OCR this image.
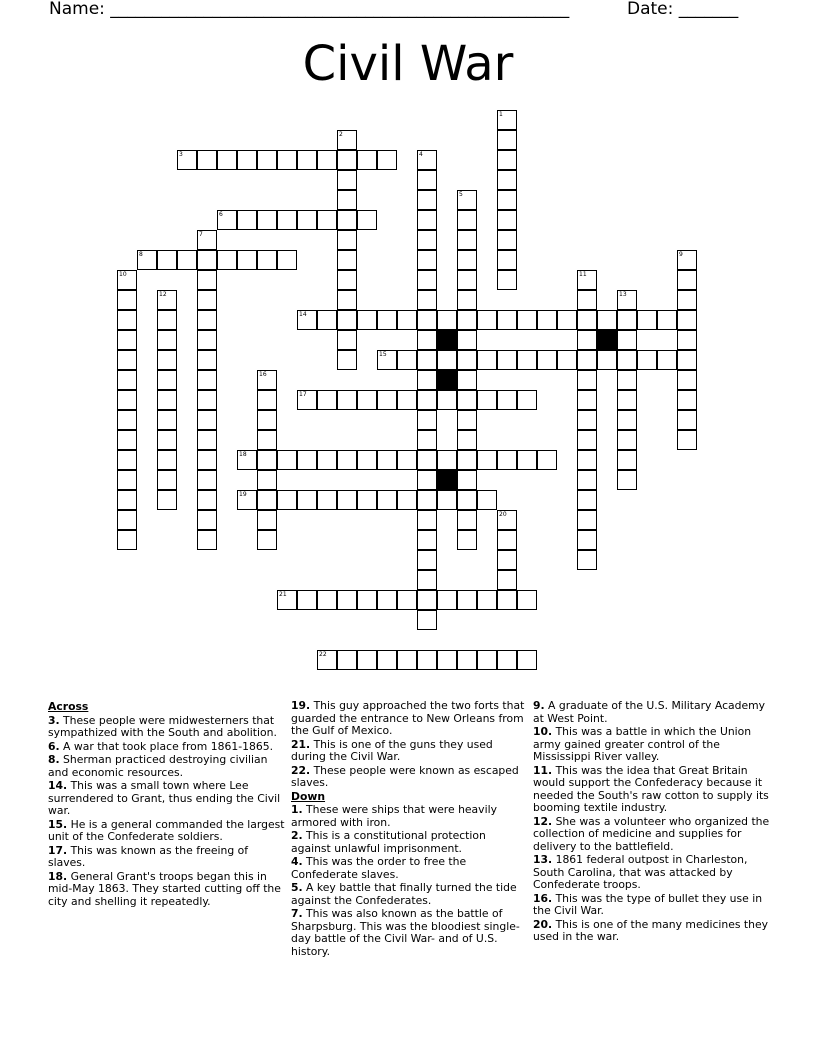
Name: ______________________________________________________	Date: _______
Civil War
1
2
3	4
5
6
7
8	9
10	11
12	13
14
15
16
17
18
19
20
21
22
Across
3. These people were midwesterners that sympathized with the South and abolition.
6. A war that took place from 1861-1865.
8. Sherman practiced destroying civilian and economic resources.
14. This was a small town where Lee surrendered to Grant, thus ending the Civil war.
15. He is a general commanded the largest unit of the Confederate soldiers.
17. This was known as the freeing of slaves.
18. General Grant's troops began this in mid-May 1863. They started cutting off the city and shelling it repeatedly.
19. This guy approached the two forts that guarded the entrance to New Orleans from the Gulf of Mexico.
21. This is one of the guns they used during the Civil War.
22. These people were known as escaped slaves.
Down
1. These were ships that were heavily armored with iron.
2. This is a constitutional protection against unlawful imprisonment.
4. This was the order to free the Confederate slaves.
5. A key battle that finally turned the tide against the Confederates.
7. This was also known as the battle of Sharpsburg. This was the bloodiest single-day battle of the Civil War- and of U.S. history.
9. A graduate of the U.S. Military Academy at West Point.
10. This was a battle in which the Union army gained greater control of the Mississippi River valley.
11. This was the idea that Great Britain would support the Confederacy because it needed the South's raw cotton to supply its booming textile industry.
12. She was a volunteer who organized the collection of medicine and supplies for delivery to the battlefield.
13. 1861 federal outpost in Charleston, South Carolina, that was attacked by Confederate troops.
16. This was the type of bullet they use in the Civil War.
20. This is one of the many medicines they used in the war.
